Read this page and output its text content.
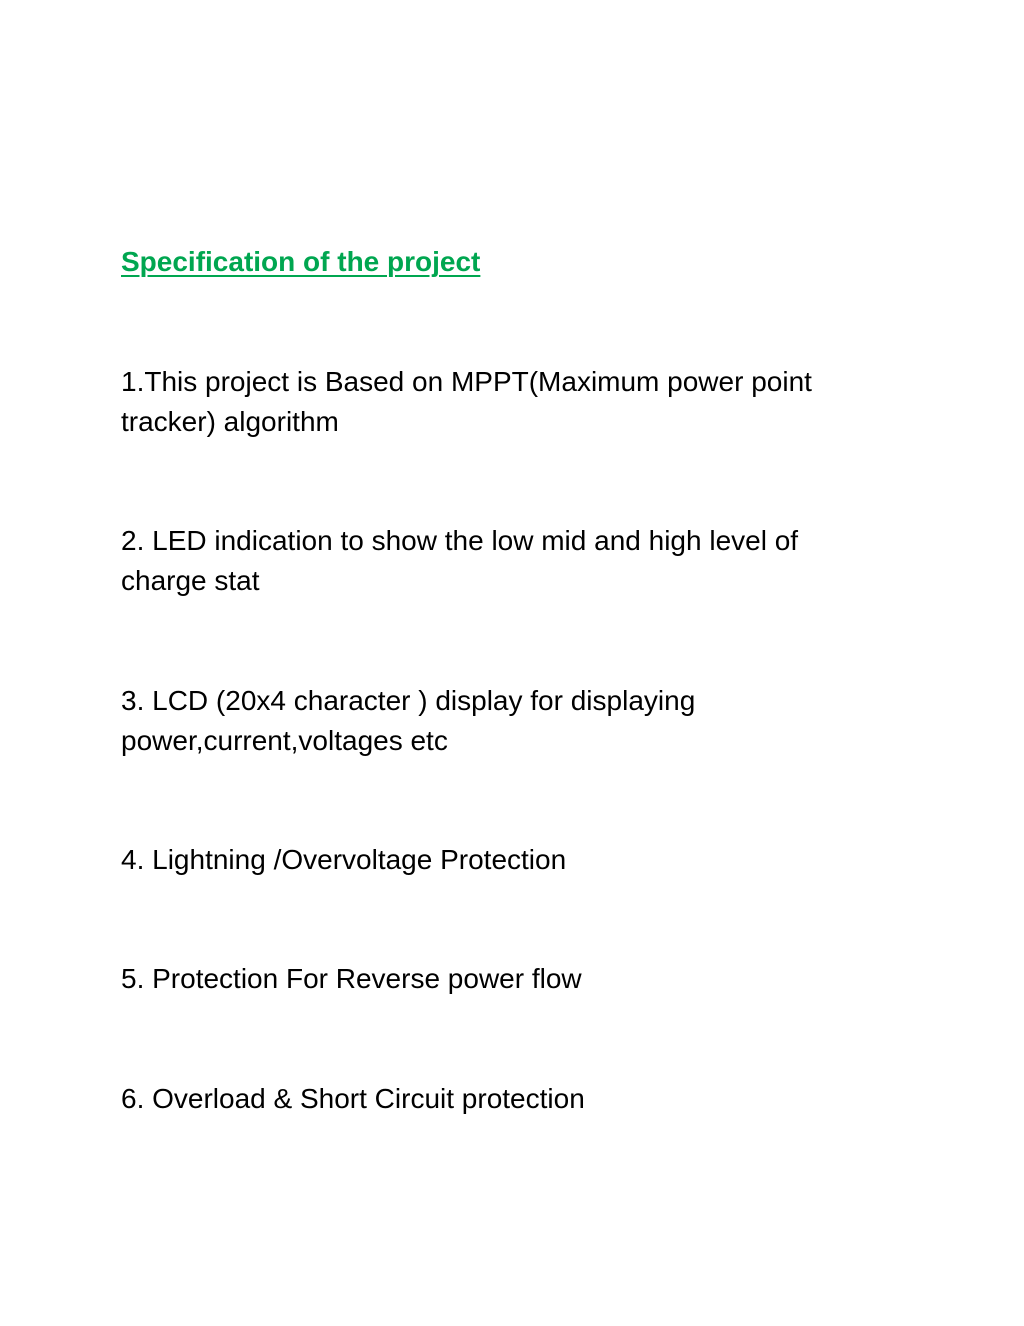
Specification of the project

1.This project is Based on MPPT(Maximum power point
tracker) algorithm

2. LED indication to show the low mid and high level of
charge stat

3. LCD (20x4 character ) display for displaying
power,current,voltages etc

4. Lightning /Overvoltage Protection

5. Protection For Reverse power flow

6. Overload & Short Circuit protection
